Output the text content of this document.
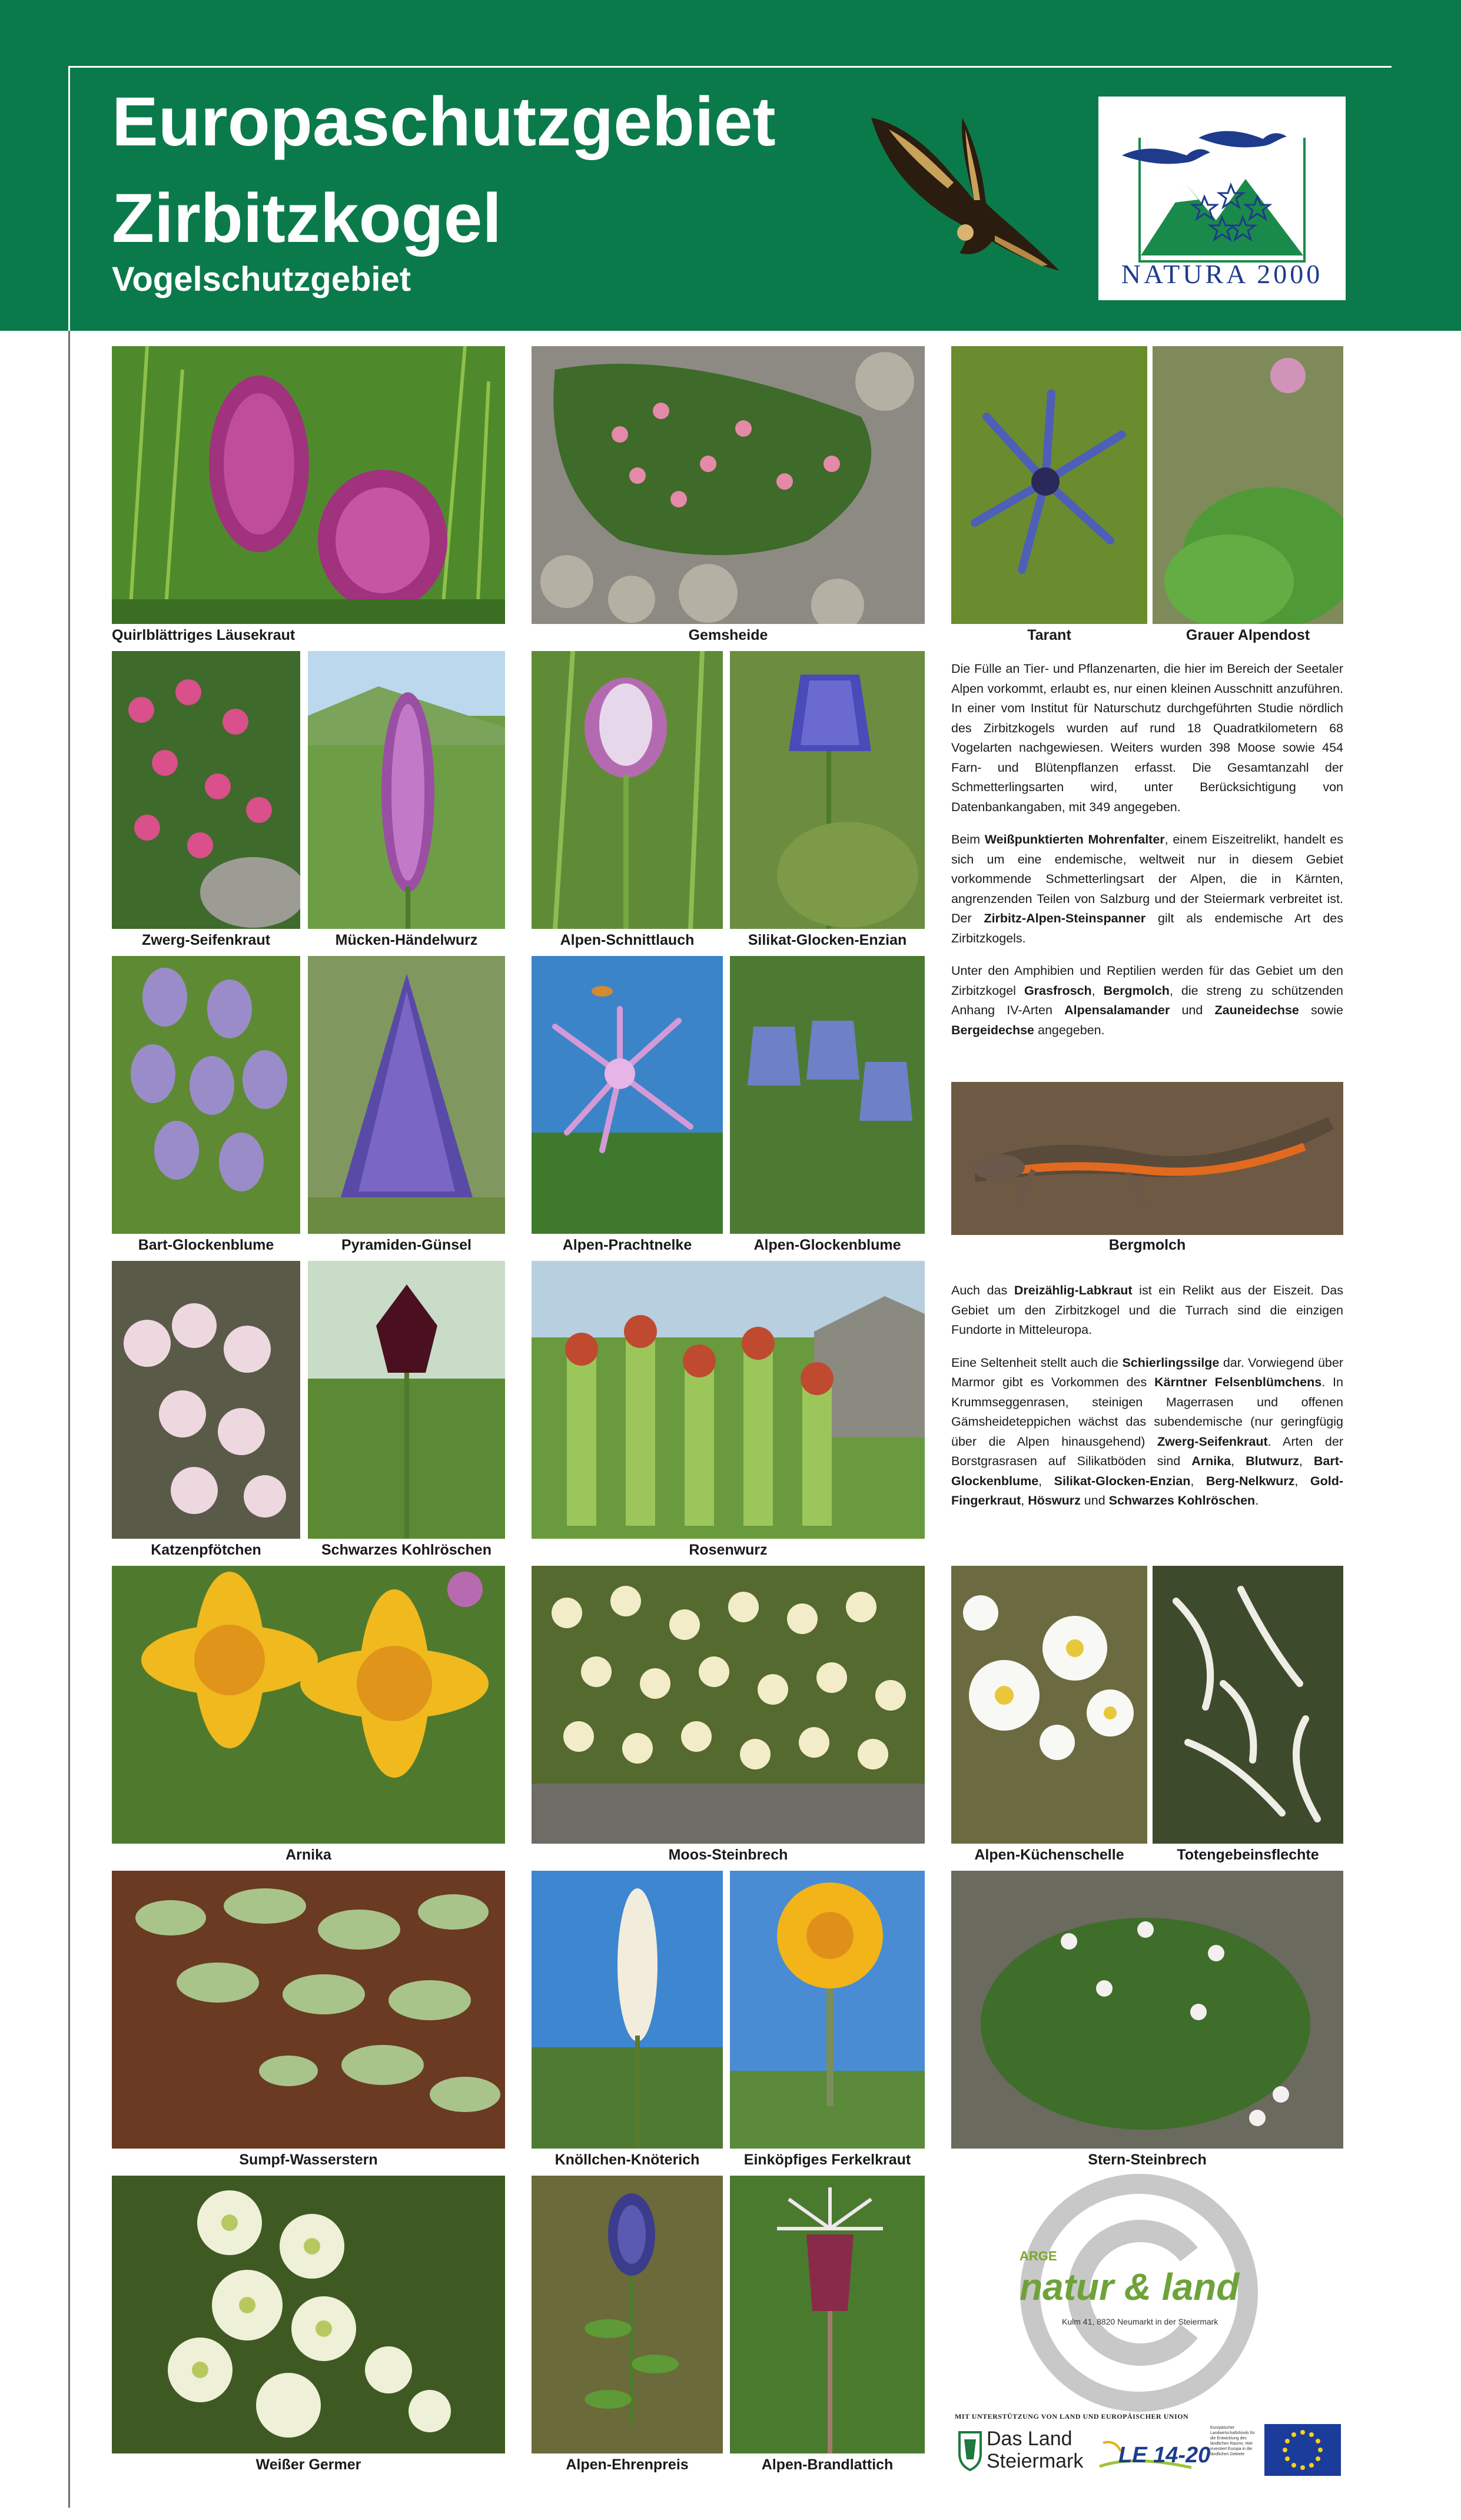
Europaschutzgebiet
Zirbitzkogel
Vogelschutzgebiet	NATURA 2000
Quirlblättriges Läusekraut	Gemsheide	Tarant	Grauer Alpendost
Zwerg-Seifenkraut	Mücken-Händelwurz	Alpen-Schnittlauch	Silikat-Glocken-Enzian
Bart-Glockenblume	Pyramiden-Günsel	Alpen-Prachtnelke	Alpen-Glockenblume
Katzenpfötchen	Schwarzes Kohlröschen	Rosenwurz
Arnika	Moos-Steinbrech	Alpen-Küchenschelle	Totengebeinsflechte
Sumpf-Wasserstern	Knöllchen-Knöterich	Einköpfiges Ferkelkraut	Stern-Steinbrech
Weißer Germer	Alpen-Ehrenpreis	Alpen-Brandlattich
Bergmolch

Die Fülle an Tier- und Pflanzenarten, die hier im Bereich der Seetaler Alpen vorkommt, erlaubt es, nur einen kleinen Ausschnitt anzuführen. In einer vom Institut für Naturschutz durchgeführten Studie nördlich des Zirbitzkogels wurden auf rund 18 Quadratkilometern 68 Vogelarten nachgewiesen. Weiters wurden 398 Moose sowie 454 Farn- und Blütenpflanzen erfasst. Die Gesamtanzahl der Schmetterlingsarten wird, unter Berücksichtigung von Datenbankangaben, mit 349 angegeben.

Beim Weißpunktierten Mohrenfalter, einem Eiszeitrelikt, handelt es sich um eine endemische, weltweit nur in diesem Gebiet vorkommende Schmetterlingsart der Alpen, die in Kärnten, angrenzenden Teilen von Salzburg und der Steiermark verbreitet ist. Der Zirbitz-Alpen-Steinspanner gilt als endemische Art des Zirbitzkogels.

Unter den Amphibien und Reptilien werden für das Gebiet um den Zirbitzkogel Grasfrosch, Bergmolch, die streng zu schützenden Anhang IV-Arten Alpensalamander und Zauneidechse sowie Bergeidechse angegeben.

Auch das Dreizählig-Labkraut ist ein Relikt aus der Eiszeit. Das Gebiet um den Zirbitzkogel und die Turrach sind die einzigen Fundorte in Mitteleuropa.

Eine Seltenheit stellt auch die Schierlingssilge dar. Vorwiegend über Marmor gibt es Vorkommen des Kärntner Felsenblümchens. In Krummseggenrasen, steinigen Magerrasen und offenen Gämsheideteppichen wächst das subendemische (nur geringfügig über die Alpen hinausgehend) Zwerg-Seifenkraut. Arten der Borstgrasrasen auf Silikatböden sind Arnika, Blutwurz, Bart-Glockenblume, Silikat-Glocken-Enzian, Berg-Nelkwurz, Gold-Fingerkraut, Höswurz und Schwarzes Kohlröschen.

ARGE
natur & land
Kulm 41, 8820 Neumarkt in der Steiermark
MIT UNTERSTÜTZUNG VON LAND UND EUROPÄISCHER UNION
Das Land
Steiermark LE 14-20
Europäischer Landwirtschaftsfonds für die Entwicklung des ländlichen Raums: Hier investiert Europa in die ländlichen Gebiete
